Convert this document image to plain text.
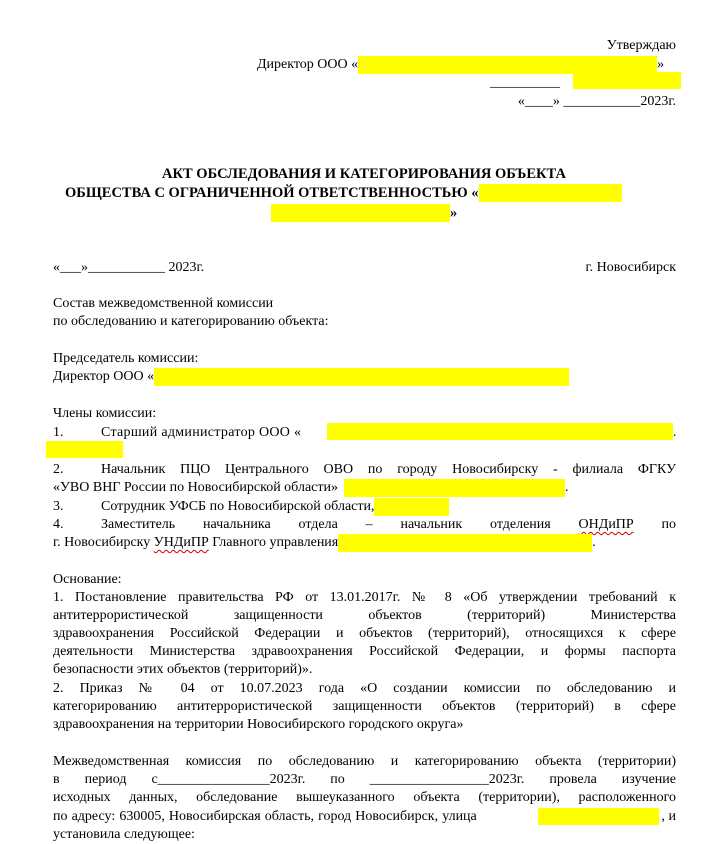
Утверждаю
Директор ООО «	»
__________
«____» ___________2023г.
АКТ ОБСЛЕДОВАНИЯ И КАТЕГОРИРОВАНИЯ ОБЪЕКТА
ОБЩЕСТВА С ОГРАНИЧЕННОЙ ОТВЕТСТВЕННОСТЬЮ «
»
«___»___________ 2023г.	г. Новосибирск
Состав межведомственной комиссии
по обследованию и категорированию объекта:
Председатель комиссии:
Директор ООО «
Члены комиссии:
1.	Старший администратор ООО «	.
2.	Начальник ПЦО Центрального ОВО по городу Новосибирску - филиала ФГКУ
«УВО ВНГ России по Новосибирской области»	.
3.	Сотрудник УФСБ по Новосибирской области,
4.	Заместитель начальника отдела – начальник отделения ОНДиПР по
г. Новосибирску УНДиПР Главного управления	.
Основание:
1. Постановление правительства РФ от 13.01.2017г. № 8 «Об утверждении требований к
антитеррористической защищенности объектов (территорий) Министерства
здравоохранения Российской Федерации и объектов (территорий), относящихся к сфере
деятельности Министерства здравоохранения Российской Федерации, и формы паспорта
безопасности этих объектов (территорий)».
2. Приказ № 04 от 10.07.2023 года «О создании комиссии по обследованию и
категорированию антитеррористической защищенности объектов (территорий) в сфере
здравоохранения на территории Новосибирского городского округа»
Межведомственная комиссия по обследованию и категорированию объекта (территории)
в период с________________2023г. по _________________2023г. провела изучение
исходных данных, обследование вышеуказанного объекта (территории), расположенного
по адресу: 630005, Новосибирская область, город Новосибирск, улица	, и
установила следующее:
